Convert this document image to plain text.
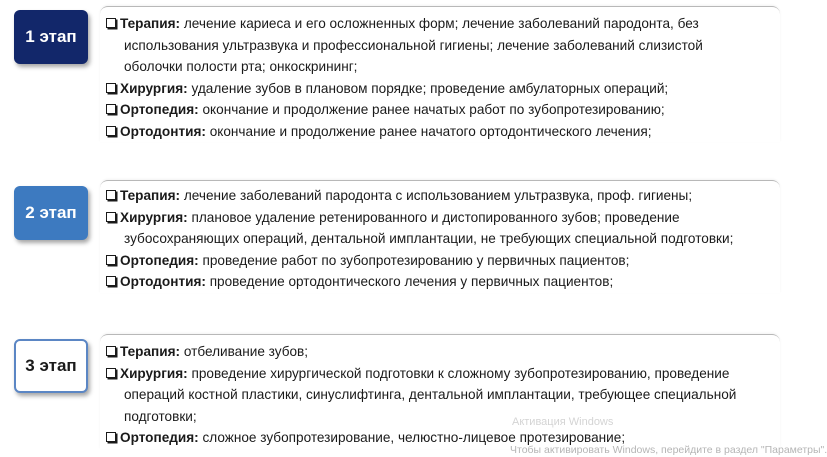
1 этап
Терапия: лечение кариеса и его осложненных форм; лечение заболеваний пародонта, без
использования ультразвука и профессиональной гигиены; лечение заболеваний слизистой
оболочки полости рта; онкоскрининг;
Хирургия: удаление зубов в плановом порядке; проведение амбулаторных операций;
Ортопедия: окончание и продолжение ранее начатых работ по зубопротезированию;
Ортодонтия: окончание и продолжение ранее начатого ортодонтического лечения;
2 этап
Терапия: лечение заболеваний пародонта с использованием ультразвука, проф. гигиены;
Хирургия: плановое удаление ретенированного и дистопированного зубов; проведение
зубосохраняющих операций, дентальной имплантации, не требующих специальной подготовки;
Ортопедия: проведение работ по зубопротезированию у первичных пациентов;
Ортодонтия: проведение ортодонтического лечения у первичных пациентов;
3 этап
Терапия: отбеливание зубов;
Хирургия: проведение хирургической подготовки к сложному зубопротезированию, проведение
операций костной пластики, синуслифтинга, дентальной имплантации, требующее специальной
подготовки;
Ортопедия: сложное зубопротезирование, челюстно-лицевое протезирование;
Активация Windows
Чтобы активировать Windows, перейдите в раздел "Параметры".
